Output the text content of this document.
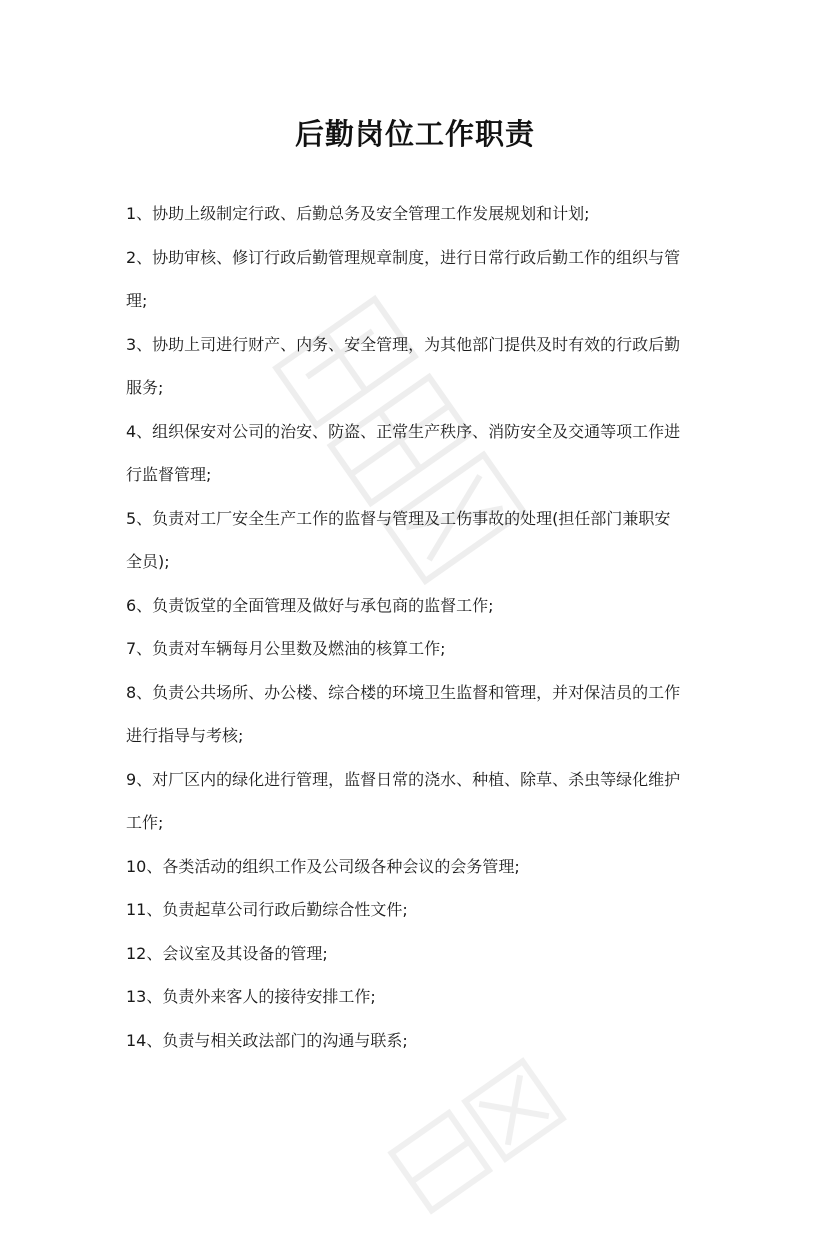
后勤岗位工作职责
1、协助上级制定行政、后勤总务及安全管理工作发展规划和计划;
2、协助审核、修订行政后勤管理规章制度，进行日常行政后勤工作的组织与管
理;
3、协助上司进行财产、内务、安全管理，为其他部门提供及时有效的行政后勤
服务;
4、组织保安对公司的治安、防盗、正常生产秩序、消防安全及交通等项工作进
行监督管理;
5、负责对工厂安全生产工作的监督与管理及工伤事故的处理(担任部门兼职安
全员);
6、负责饭堂的全面管理及做好与承包商的监督工作;
7、负责对车辆每月公里数及燃油的核算工作;
8、负责公共场所、办公楼、综合楼的环境卫生监督和管理，并对保洁员的工作
进行指导与考核;
9、对厂区内的绿化进行管理，监督日常的浇水、种植、除草、杀虫等绿化维护
工作;
10、各类活动的组织工作及公司级各种会议的会务管理;
11、负责起草公司行政后勤综合性文件;
12、会议室及其设备的管理;
13、负责外来客人的接待安排工作;
14、负责与相关政法部门的沟通与联系;
